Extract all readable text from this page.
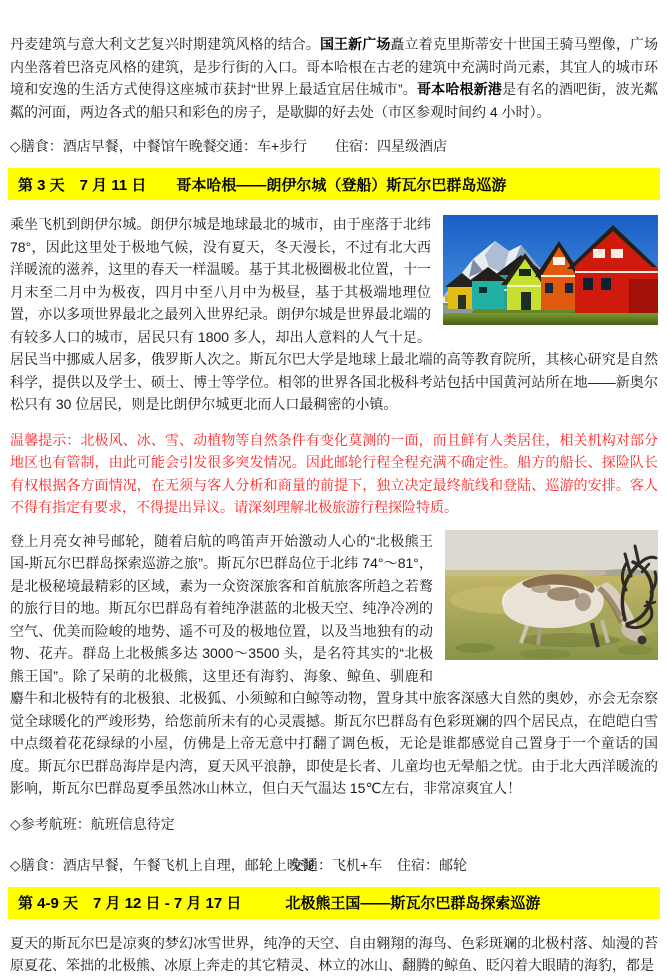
丹麦建筑与意大利文艺复兴时期建筑风格的结合。国王新广场矗立着克里斯蒂安十世国王骑马塑像，广场内坐落着巴洛克风格的建筑，是步行街的入口。哥本哈根在古老的建筑中充满时尚元素，其宜人的城市环境和安逸的生活方式使得这座城市获封“世界上最适宜居住城市”。哥本哈根新港是有名的酒吧街，波光粼粼的河面，两边各式的船只和彩色的房子，是歇脚的好去处（市区参观时间约 4 小时）。

◇膳食：酒店早餐，中餐馆午晚餐
交通：车+步行 住宿：四星级酒店
第 3 天　7 月 11 日 哥本哈根——朗伊尔城（登船）斯瓦尔巴群岛巡游
乘坐飞机到朗伊尔城。朗伊尔城是地球最北的城市，由于座落于北纬 78°，因此这里处于极地气候，没有夏天，冬天漫长，不过有北大西洋暖流的滋养，这里的春天一样温暖。基于其北极圈极北位置，十一月末至二月中为极夜，四月中至八月中为极昼，基于其极端地理位置，亦以多项世界最北之最列入世界纪录。朗伊尔城是世界最北端的有较多人口的城市，居民只有 1800 多人，却出人意料的人气十足。居民当中挪威人居多，俄罗斯人次之。斯瓦尔巴大学是地球上最北端的高等教育院所，其核心研究是自然科学，提供以及学士、硕士、博士等学位。相邻的世界各国北极科考站包括中国黄河站所在地——新奥尔松只有 30 位居民，则是比朗伊尔城更北而人口最稠密的小镇。

温馨提示：北极风、冰、雪、动植物等自然条件有变化莫测的一面，而且鲜有人类居住，相关机构对部分地区也有管制，由此可能会引发很多突发情况。因此邮轮行程全程充满不确定性。船方的船长、探险队长有权根据各方面情况，在无须与客人分析和商量的前提下，独立决定最终航线和登陆、巡游的安排。客人不得有指定有要求，不得提出异议。请深刻理解北极旅游行程探险特质。

登上月亮女神号邮轮，随着启航的鸣笛声开始激动人心的“北极熊王国-斯瓦尔巴群岛探索巡游之旅”。斯瓦尔巴群岛位于北纬 74°～81°，是北极秘境最精彩的区域，素为一众资深旅客和首航旅客所趋之若鹜的旅行目的地。斯瓦尔巴群岛有着纯净湛蓝的北极天空、纯净冷冽的空气、优美而险峻的地势、遥不可及的极地位置，以及当地独有的动物、花卉。群岛上北极熊多达 3000～3500 头，是名符其实的“北极熊王国”。除了呆萌的北极熊，这里还有海豹、海象、鲸鱼、驯鹿和麝牛和北极特有的北极狼、北极狐、小须鲸和白鲸等动物，置身其中旅客深感大自然的奥妙，亦会无奈察觉全球暖化的严竣形势，给您前所未有的心灵震撼。斯瓦尔巴群岛有色彩斑斓的四个居民点，在皑皑白雪中点缀着花花绿绿的小屋，仿佛是上帝无意中打翻了调色板，无论是谁都感觉自己置身于一个童话的国度。斯瓦尔巴群岛海岸是内湾，夏天风平浪静，即使是长者、儿童均也无晕船之忧。由于北大西洋暖流的影响，斯瓦尔巴群岛夏季虽然冰山林立，但白天气温达 15℃左右，非常凉爽宜人！

◇参考航班：航班信息待定

◇膳食：酒店早餐，午餐飞机上自理，邮轮上晚餐
交通：飞机+车 住宿：邮轮
第 4-9 天　7 月 12 日 - 7 月 17 日	北极熊王国——斯瓦尔巴群岛探索巡游

夏天的斯瓦尔巴是凉爽的梦幻冰雪世界，纯净的天空、自由翱翔的海鸟、色彩斑斓的北极村落、灿漫的苔原夏花、笨拙的北极熊、冰原上奔走的其它精灵、林立的冰山、翻腾的鲸鱼、眨闪着大眼睛的海豹，都是
